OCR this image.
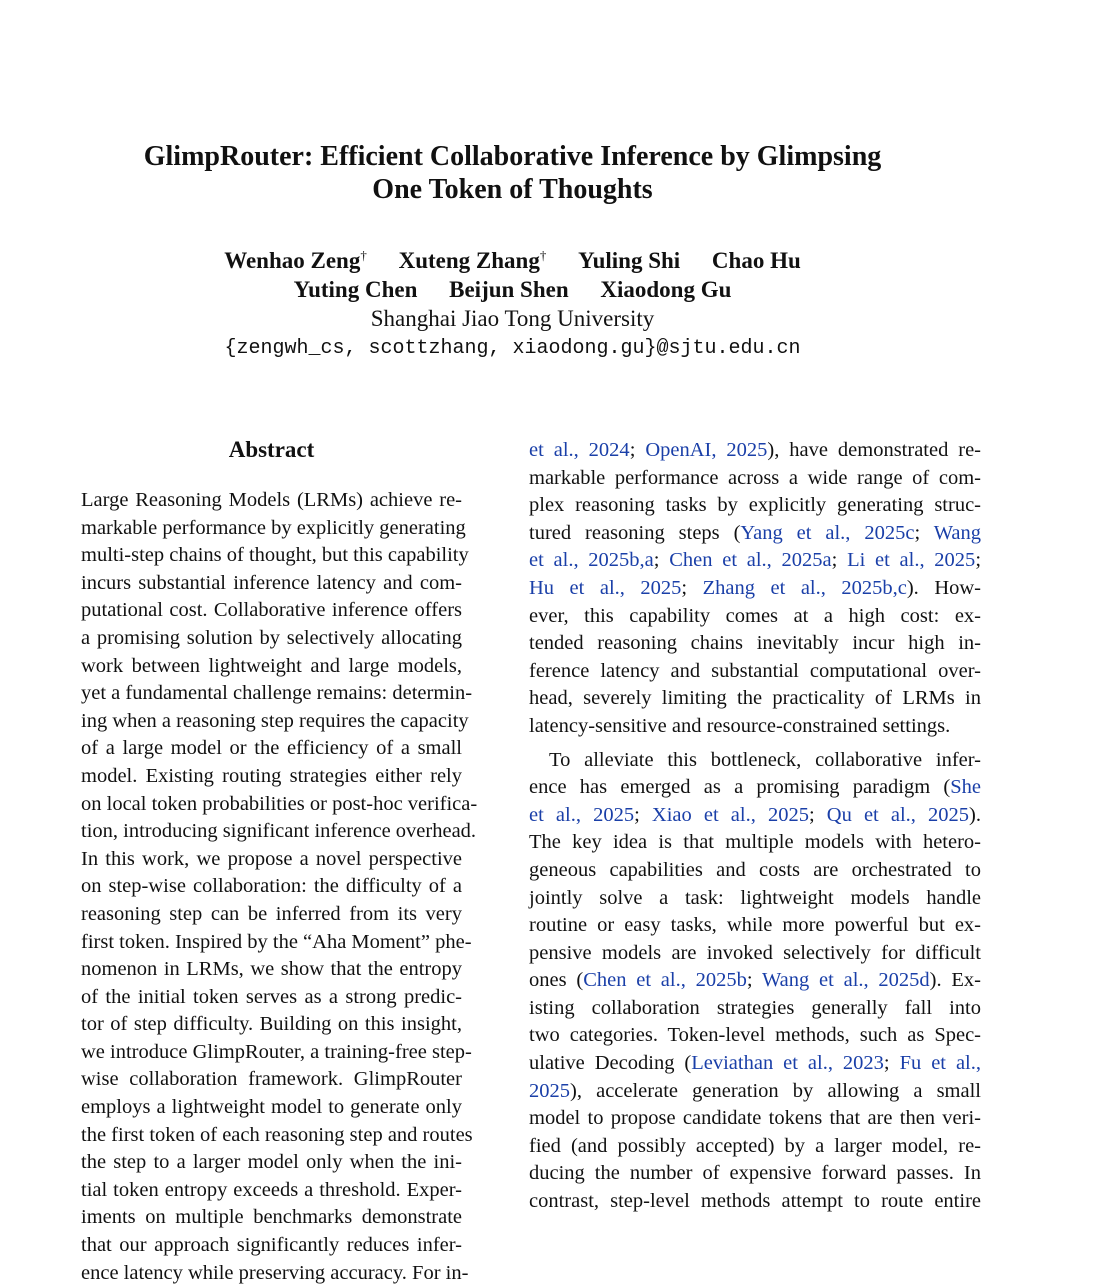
GlimpRouter: Efficient Collaborative Inference by Glimpsing
One Token of Thoughts
Wenhao Zeng† Xuteng Zhang† Yuling Shi Chao Hu
Yuting Chen Beijun Shen Xiaodong Gu
Shanghai Jiao Tong University
{zengwh_cs, scottzhang, xiaodong.gu}@sjtu.edu.cn
Abstract
Large Reasoning Models (LRMs) achieve re-
markable performance by explicitly generating
multi-step chains of thought, but this capability
incurs substantial inference latency and com-
putational cost. Collaborative inference offers
a promising solution by selectively allocating
work between lightweight and large models,
yet a fundamental challenge remains: determin-
ing when a reasoning step requires the capacity
of a large model or the efficiency of a small
model. Existing routing strategies either rely
on local token probabilities or post-hoc verifica-
tion, introducing significant inference overhead.
In this work, we propose a novel perspective
on step-wise collaboration: the difficulty of a
reasoning step can be inferred from its very
first token. Inspired by the “Aha Moment” phe-
nomenon in LRMs, we show that the entropy
of the initial token serves as a strong predic-
tor of step difficulty. Building on this insight,
we introduce GlimpRouter, a training-free step-
wise collaboration framework. GlimpRouter
employs a lightweight model to generate only
the first token of each reasoning step and routes
the step to a larger model only when the ini-
tial token entropy exceeds a threshold. Exper-
iments on multiple benchmarks demonstrate
that our approach significantly reduces infer-
ence latency while preserving accuracy. For in-
et al., 2024; OpenAI, 2025), have demonstrated re-
markable performance across a wide range of com-
plex reasoning tasks by explicitly generating struc-
tured reasoning steps (Yang et al., 2025c; Wang
et al., 2025b,a; Chen et al., 2025a; Li et al., 2025;
Hu et al., 2025; Zhang et al., 2025b,c). How-
ever, this capability comes at a high cost: ex-
tended reasoning chains inevitably incur high in-
ference latency and substantial computational over-
head, severely limiting the practicality of LRMs in
latency-sensitive and resource-constrained settings.
To alleviate this bottleneck, collaborative infer-
ence has emerged as a promising paradigm (She
et al., 2025; Xiao et al., 2025; Qu et al., 2025).
The key idea is that multiple models with hetero-
geneous capabilities and costs are orchestrated to
jointly solve a task: lightweight models handle
routine or easy tasks, while more powerful but ex-
pensive models are invoked selectively for difficult
ones (Chen et al., 2025b; Wang et al., 2025d). Ex-
isting collaboration strategies generally fall into
two categories. Token-level methods, such as Spec-
ulative Decoding (Leviathan et al., 2023; Fu et al.,
2025), accelerate generation by allowing a small
model to propose candidate tokens that are then veri-
fied (and possibly accepted) by a larger model, re-
ducing the number of expensive forward passes. In
contrast, step-level methods attempt to route entire
